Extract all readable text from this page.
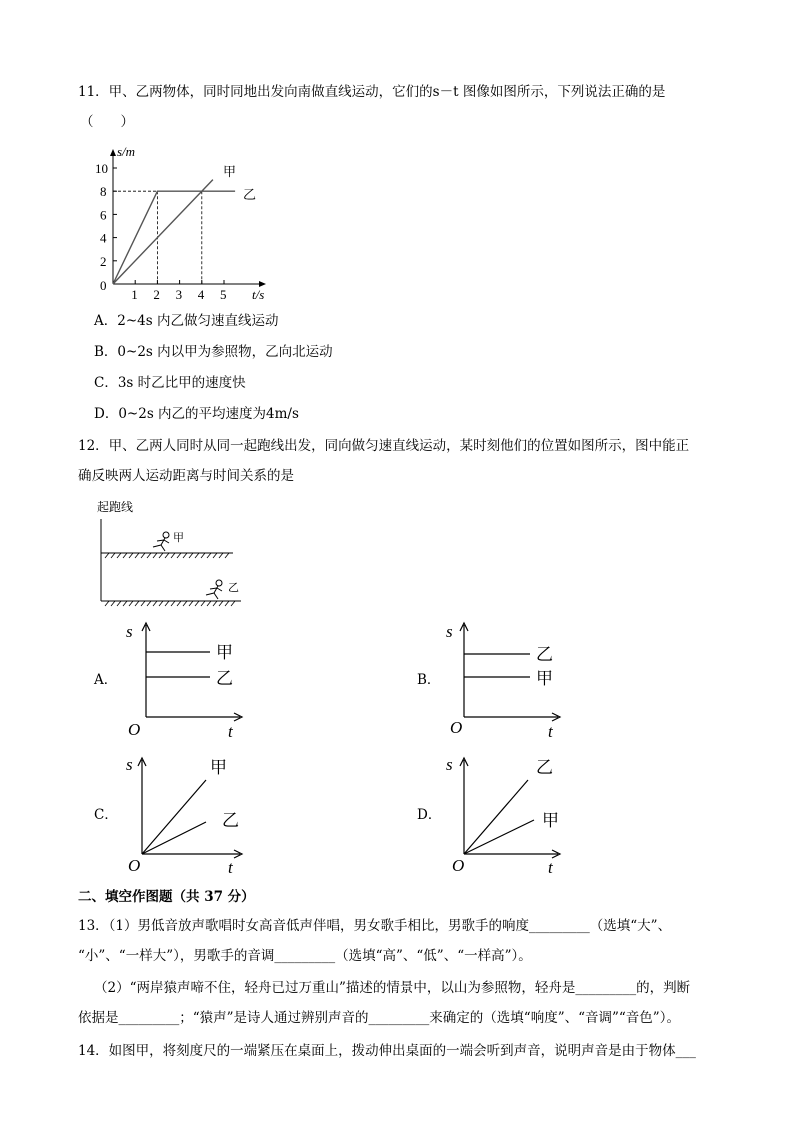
11．甲、乙两物体，同时同地出发向南做直线运动，它们的s－t 图像如图所示，下列说法正确的是
（　　）
2
4
6
8
10
1 2 3 4 5
s/m
t/s
0
甲
乙
A．2~4s 内乙做匀速直线运动
B．0~2s 内以甲为参照物，乙向北运动
C．3s 时乙比甲的速度快
D．0~2s 内乙的平均速度为4m/s
12．甲、乙两人同时从同一起跑线出发，同向做匀速直线运动，某时刻他们的位置如图所示，图中能正
确反映两人运动距离与时间关系的是
起跑线
甲
乙
A．
s
t
O
甲
乙	B．
s
t
O
乙
甲
C．
s
t
O
甲
乙	D．
s
t
O
乙
甲
二、填空作图题（共 37 分）
13．（1）男低音放声歌唱时女高音低声伴唱，男女歌手相比，男歌手的响度_________（选填“大”、
“小”、“一样大”），男歌手的音调_________（选填“高”、“低”、“一样高”）。
（2）“两岸猿声啼不住，轻舟已过万重山”描述的情景中，以山为参照物，轻舟是_________的，判断
依据是_________；“猿声”是诗人通过辨别声音的_________来确定的（选填“响度”、“音调”“音色”）。
14．如图甲，将刻度尺的一端紧压在桌面上，拨动伸出桌面的一端会听到声音，说明声音是由于物体___
